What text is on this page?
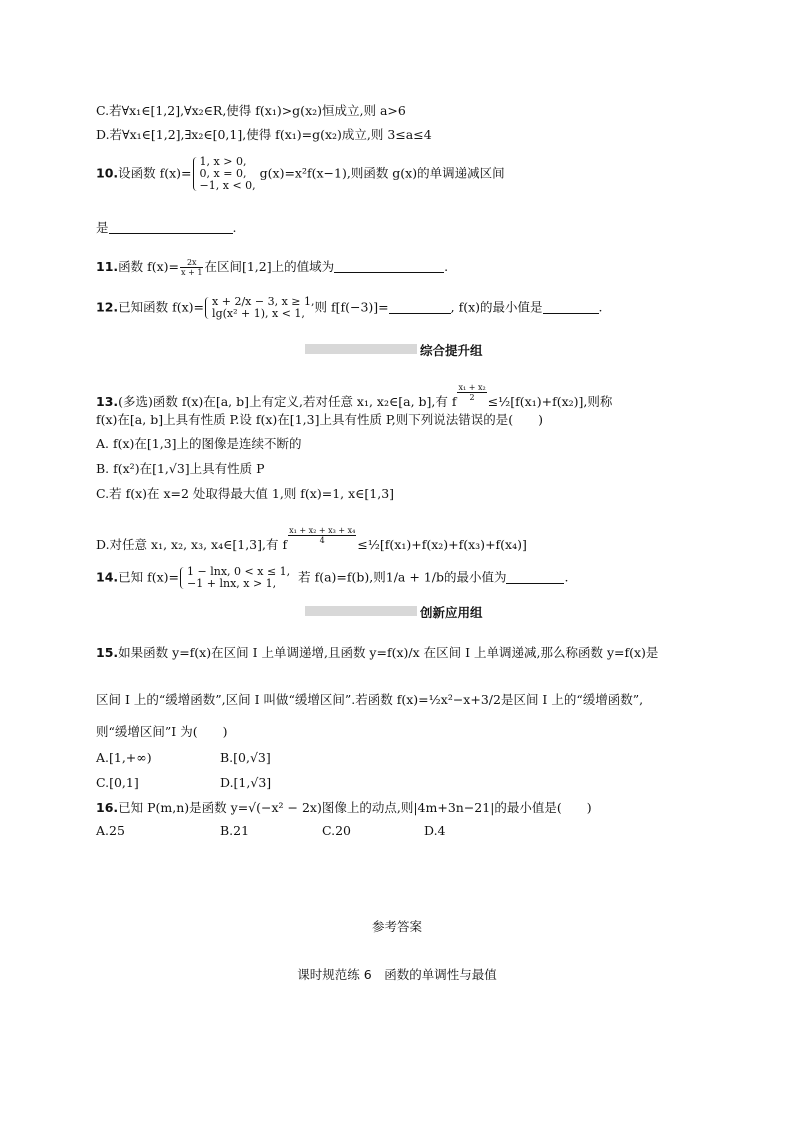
C.若∀x₁∈[1,2],∀x₂∈R,使得 f(x₁)>g(x₂)恒成立,则 a>6
D.若∀x₁∈[1,2],∃x₂∈[0,1],使得 f(x₁)=g(x₂)成立,则 3≤a≤4
10.设函数 f(x)=
1, x > 0,
0, x = 0,
−1, x < 0,
g(x)=x²f(x−1),则函数 g(x)的单调递减区间
是	.
11.函数 $f(x)= \frac{2x}{x + 1}$ 在区间[1,2]上的值域为	.
12.已知函数 f(x)= x + 2/x − 3, x ≥ 1,
lg(x² + 1), x < 1, 则 f[f(−3)]=	, f(x)的最小值是	.
综合提升组
13.(多选)函数 f(x)在[a, b]上有定义,若对任意 x₁, x₂∈[a, b],有 f $\frac{\text{x₁ + x₂}}{2}$ ≤½[f(x₁)+f(x₂)],则称
f(x)在[a, b]上具有性质 P.设 f(x)在[1,3]上具有性质 P,则下列说法错误的是(　　)
A. f(x)在[1,3]上的图像是连续不断的
B. f(x²)在[1,√3]上具有性质 P
C.若 f(x)在 x=2 处取得最大值 1,则 f(x)=1, x∈[1,3]
D.对任意 x₁, x₂, x₃, x₄∈[1,3],有 f $\frac{\text{x₁ + x₂ + x₃ + x₄}}{4}$ ≤½[f(x₁)+f(x₂)+f(x₃)+f(x₄)]
14.已知 f(x)= 1 − lnx, 0 < x ≤ 1,
−1 + lnx, x > 1,	若 f(a)=f(b),则1/a + 1/b的最小值为	.
创新应用组
15.如果函数 y=f(x)在区间 I 上单调递增,且函数 y=f(x)/x 在区间 I 上单调递减,那么称函数 y=f(x)是
区间 I 上的“缓增函数”,区间 I 叫做“缓增区间”.若函数 f(x)=½x²−x+3/2是区间 I 上的“缓增函数”,
则“缓增区间”I 为(　　)
A.[1,+∞)	B.[0,√3]
C.[0,1]	D.[1,√3]
16.已知 P(m,n)是函数 y=√(−x² − 2x)图像上的动点,则|4m+3n−21|的最小值是(　　)
A.25	B.21	C.20	D.4
参考答案
课时规范练 6　函数的单调性与最值
